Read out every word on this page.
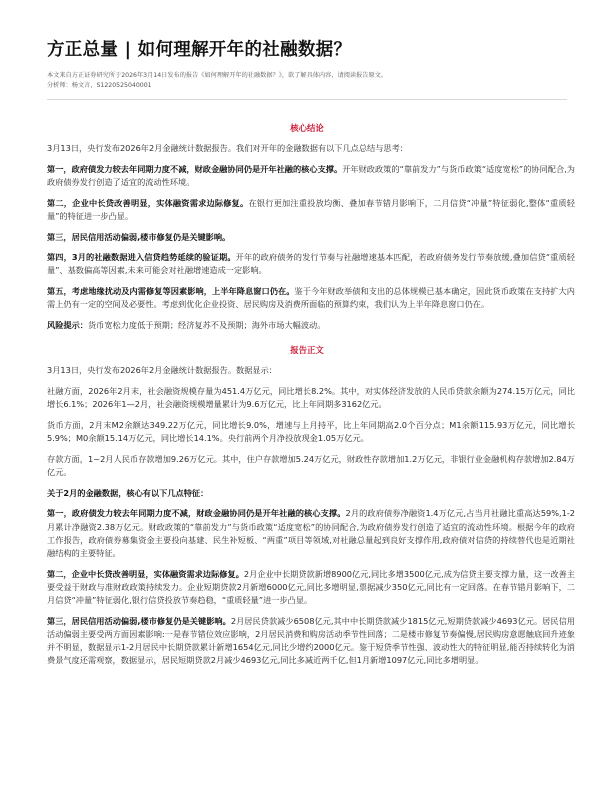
方正总量 | 如何理解开年的社融数据？
本文来自方正证券研究所于2026年3月14日发布的报告《如何理解开年的社融数据？》，欲了解具体内容，请阅读报告原文。
分析师：杨文言，S1220525040001
核心结论

3月13日，央行发布2026年2月金融统计数据报告。我们对开年的金融数据有以下几点总结与思考：

第一，政府债发力较去年同期力度不减，财政金融协同仍是开年社融的核心支撑。开年财政政策的“靠前发力”与货币政策“适度宽松”的协同配合,为政府债券发行创造了适宜的流动性环境。

第二，企业中长贷改善明显，实体融资需求边际修复。在银行更加注重投放均衡、叠加春节错月影响下，二月信贷“冲量”特征弱化,整体“重质轻量”的特征进一步凸显。

第三，居民信用活动偏弱,楼市修复仍是关键影响。

第四，3月的社融数据进入信贷趋势延续的验证期。开年的政府债务的发行节奏与社融增速基本匹配，若政府债务发行节奏放缓,叠加信贷“重质轻量”、基数偏高等因素,未来可能会对社融增速造成一定影响。

第五，考虑地缘扰动及内需修复等因素影响，上半年降息窗口仍在。鉴于今年财政举债和支出的总体规模已基本确定，因此货币政策在支持扩大内需上仍有一定的空间及必要性。考虑到优化企业投资、居民购房及消费所面临的预算约束，我们认为上半年降息窗口仍在。

风险提示：货币宽松力度低于预期；经济复苏不及预期；海外市场大幅波动。

报告正文

3月13日，央行发布2026年2月金融统计数据报告。数据显示：

社融方面，2026年2月末，社会融资规模存量为451.4万亿元，同比增长8.2%。其中，对实体经济发放的人民币贷款余额为274.15万亿元，同比增长6.1%；2026年1—2月，社会融资规模增量累计为9.6万亿元，比上年同期多3162亿元。

货币方面，2月末M2余额达349.22万亿元，同比增长9.0%，增速与上月持平，比上年同期高2.0个百分点；M1余额115.93万亿元，同比增长5.9%；M0余额15.14万亿元，同比增长14.1%。央行前两个月净投放现金1.05万亿元。

存款方面，1~2月人民币存款增加9.26万亿元。其中，住户存款增加5.24万亿元，财政性存款增加1.2万亿元，非银行业金融机构存款增加2.84万亿元。

关于2月的金融数据，核心有以下几点特征：

第一，政府债发力较去年同期力度不减，财政金融协同仍是开年社融的核心支撑。2月的政府债券净融资1.4万亿元,占当月社融比重高达59%,1-2月累计净融资2.38万亿元。财政政策的“靠前发力”与货币政策“适度宽松”的协同配合,为政府债券发行创造了适宜的流动性环境。根据今年的政府工作报告，政府债券募集资金主要投向基建、民生补短板、“两重”项目等领域,对社融总量起到良好支撑作用,政府债对信贷的持续替代也是近期社融结构的主要特征。

第二，企业中长贷改善明显，实体融资需求边际修复。2月企业中长期贷款新增8900亿元,同比多增3500亿元,成为信贷主要支撑力量，这一改善主要受益于财政与准财政政策持续发力。企业短期贷款2月新增6000亿元,同比多增明显,票据减少350亿元,同比有一定回落。在春节错月影响下，二月信贷“冲量”特征弱化,银行信贷投放节奏趋稳，“重质轻量”进一步凸显。

第三，居民信用活动偏弱,楼市修复仍是关键影响。2月居民贷款减少6508亿元,其中中长期贷款减少1815亿元,短期贷款减少4693亿元。居民信用活动偏弱主要受两方面因素影响:一是春节错位效应影响，2月居民消费和购房活动季节性回落；二是楼市修复节奏偏慢,居民购房意愿触底回升迹象并不明显，数据显示1-2月居民中长期贷款累计新增1654亿元,同比少增约2000亿元。鉴于短贷季节性强、波动性大的特征明显,能否持续转化为消费景气度还需观察，数据显示，居民短期贷款2月减少4693亿元,同比多减近两千亿,但1月新增1097亿元,同比多增明显。
